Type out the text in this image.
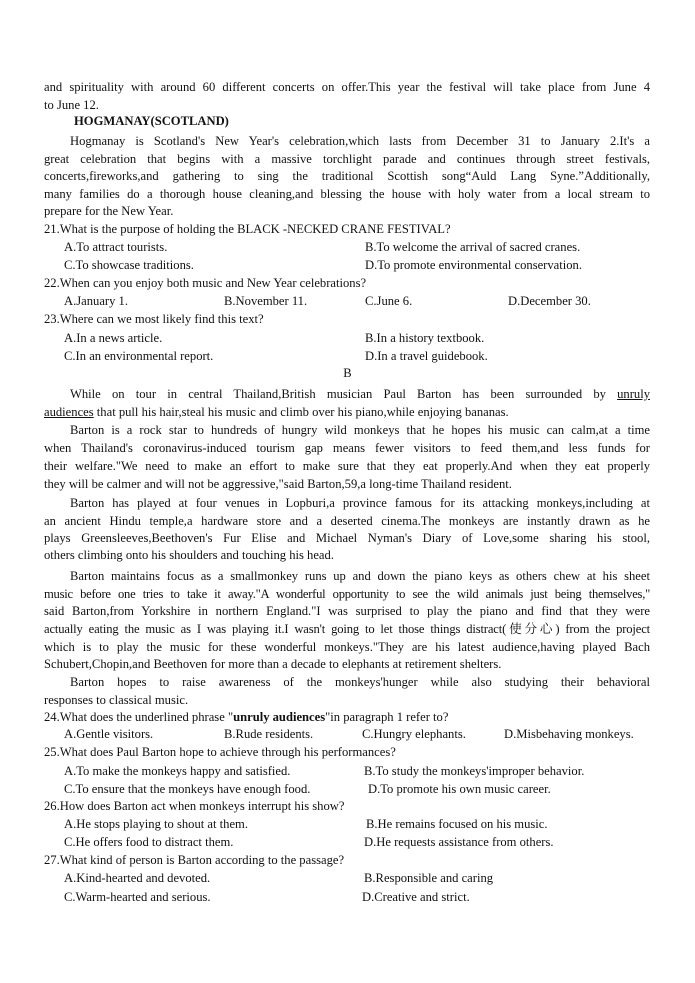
and spirituality with around 60 different concerts on offer.This year the festival will take place from June 4
to June 12.
HOGMANAY(SCOTLAND)
Hogmanay is Scotland's New Year's celebration,which lasts from December 31 to January 2.It's a
great celebration that begins with a massive torchlight parade and continues through street festivals,
concerts,fireworks,and gathering to sing the traditional Scottish song“Auld Lang Syne.”Additionally,
many families do a thorough house cleaning,and blessing the house with holy water from a local stream to
prepare for the New Year.
21.What is the purpose of holding the BLACK -NECKED CRANE FESTIVAL?
A.To attract tourists.	B.To welcome the arrival of sacred cranes.
C.To showcase traditions.	D.To promote environmental conservation.
22.When can you enjoy both music and New Year celebrations?
A.January 1.	B.November 11.	C.June 6.	D.December 30.
23.Where can we most likely find this text?
A.In a news article.	B.In a history textbook.
C.In an environmental report.	D.In a travel guidebook.
B
While on tour in central Thailand,British musician Paul Barton has been surrounded by unruly
audiences that pull his hair,steal his music and climb over his piano,while enjoying bananas.
Barton is a rock star to hundreds of hungry wild monkeys that he hopes his music can calm,at a time
when Thailand's coronavirus-induced tourism gap means fewer visitors to feed them,and less funds for
their welfare."We need to make an effort to make sure that they eat properly.And when they eat properly
they will be calmer and will not be aggressive,"said Barton,59,a long-time Thailand resident.
Barton has played at four venues in Lopburi,a province famous for its attacking monkeys,including at
an ancient Hindu temple,a hardware store and a deserted cinema.The monkeys are instantly drawn as he
plays Greensleeves,Beethoven's Fur Elise and Michael Nyman's Diary of Love,some sharing his stool,
others climbing onto his shoulders and touching his head.
Barton maintains focus as a smallmonkey runs up and down the piano keys as others chew at his sheet
music before one tries to take it away."A wonderful opportunity to see the wild animals just being themselves,"
said Barton,from Yorkshire in northern England."I was surprised to play the piano and find that they were
actually eating the music as I was playing it.I wasn't going to let those things distract(使分心) from the project
which is to play the music for these wonderful monkeys."They are his latest audience,having played Bach
Schubert,Chopin,and Beethoven for more than a decade to elephants at retirement shelters.
Barton hopes to raise awareness of the monkeys'hunger while also studying their behavioral
responses to classical music.
24.What does the underlined phrase "unruly audiences"in paragraph 1 refer to?
A.Gentle visitors.	B.Rude residents.	C.Hungry elephants.	D.Misbehaving monkeys.
25.What does Paul Barton hope to achieve through his performances?
A.To make the monkeys happy and satisfied.	B.To study the monkeys'improper behavior.
C.To ensure that the monkeys have enough food.	D.To promote his own music career.
26.How does Barton act when monkeys interrupt his show?
A.He stops playing to shout at them.	B.He remains focused on his music.
C.He offers food to distract them.	D.He requests assistance from others.
27.What kind of person is Barton according to the passage?
A.Kind-hearted and devoted.	B.Responsible and caring
C.Warm-hearted and serious.	D.Creative and strict.
